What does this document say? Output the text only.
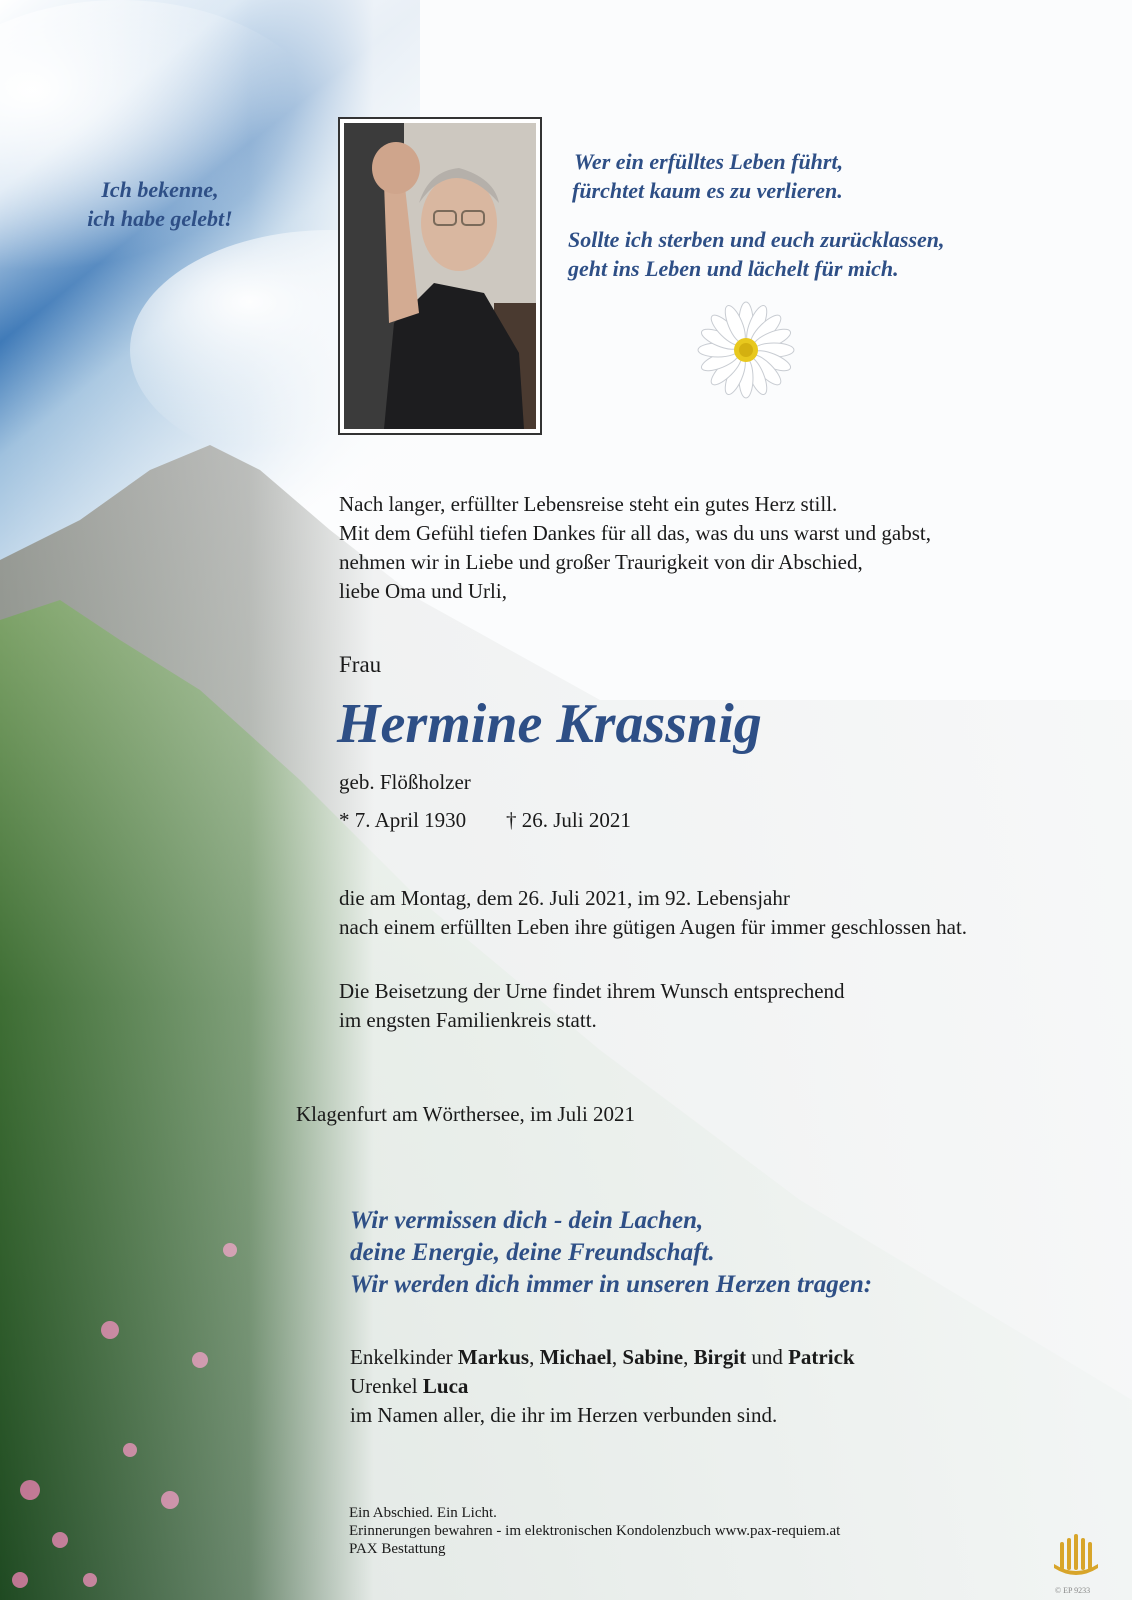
Ich bekenne,
ich habe gelebt!
Wer ein erfülltes Leben führt,
fürchtet kaum es zu verlieren.
Sollte ich sterben und euch zurücklassen,
geht ins Leben und lächelt für mich.
Nach langer, erfüllter Lebensreise steht ein gutes Herz still.
Mit dem Gefühl tiefen Dankes für all das, was du uns warst und gabst,
nehmen wir in Liebe und großer Traurigkeit von dir Abschied,
liebe Oma und Urli,
Frau
Hermine Krassnig
geb. Flößholzer
* 7. April 1930 † 26. Juli 2021
die am Montag, dem 26. Juli 2021, im 92. Lebensjahr
nach einem erfüllten Leben ihre gütigen Augen für immer geschlossen hat.
Die Beisetzung der Urne findet ihrem Wunsch entsprechend
im engsten Familienkreis statt.
Klagenfurt am Wörthersee, im Juli 2021
Wir vermissen dich - dein Lachen,
deine Energie, deine Freundschaft.
Wir werden dich immer in unseren Herzen tragen:
Enkelkinder Markus, Michael, Sabine, Birgit und Patrick
Urenkel Luca
im Namen aller, die ihr im Herzen verbunden sind.
Ein Abschied. Ein Licht.
Erinnerungen bewahren - im elektronischen Kondolenzbuch www.pax-requiem.at
PAX Bestattung
© EP 9233
